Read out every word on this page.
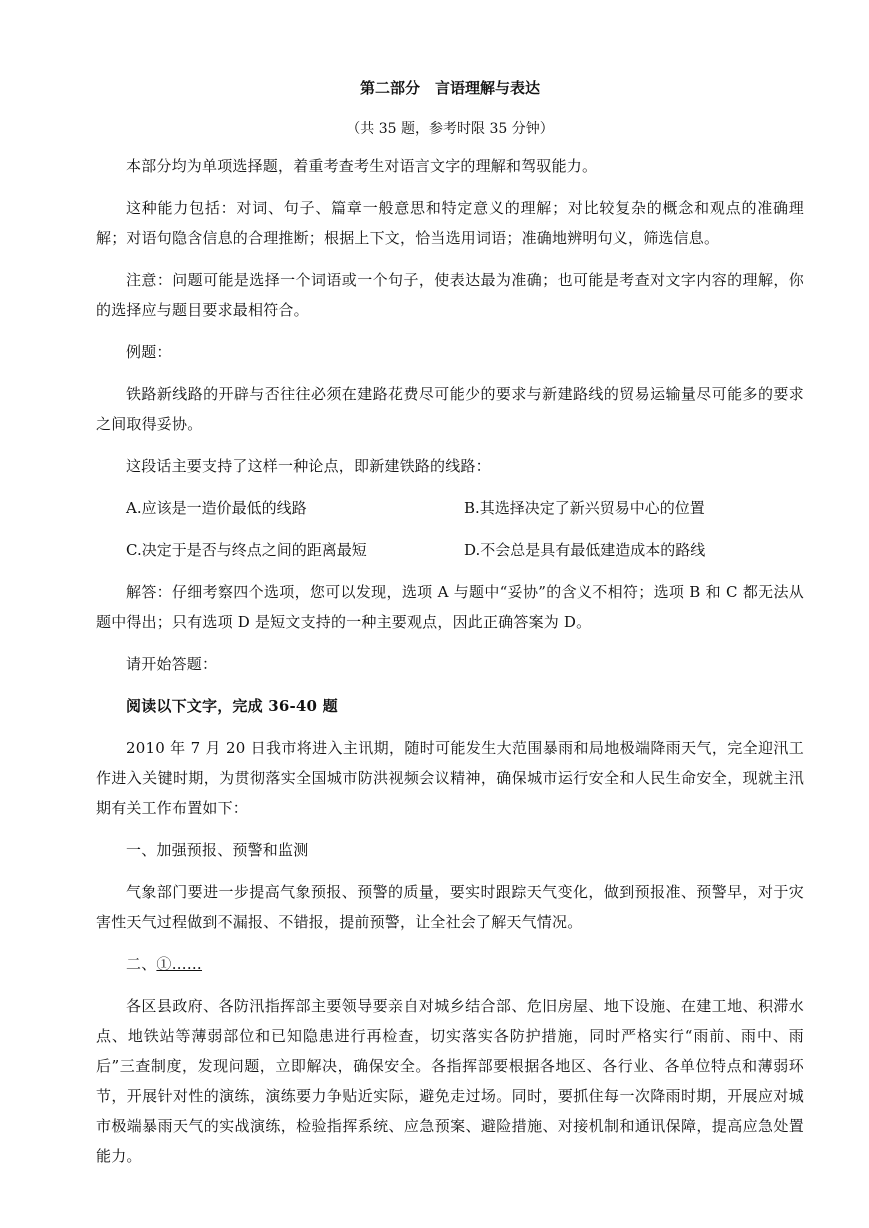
第二部分　言语理解与表达
（共 35 题，参考时限 35 分钟）

本部分均为单项选择题，着重考查考生对语言文字的理解和驾驭能力。

这种能力包括：对词、句子、篇章一般意思和特定意义的理解；对比较复杂的概念和观点的准确理解；对语句隐含信息的合理推断；根据上下文，恰当选用词语；准确地辨明句义，筛选信息。

注意：问题可能是选择一个词语或一个句子，使表达最为准确；也可能是考查对文字内容的理解，你的选择应与题目要求最相符合。

例题：

铁路新线路的开辟与否往往必须在建路花费尽可能少的要求与新建路线的贸易运输量尽可能多的要求之间取得妥协。

这段话主要支持了这样一种论点，即新建铁路的线路：

A.应该是一造价最低的线路	B.其选择决定了新兴贸易中心的位置
C.决定于是否与终点之间的距离最短	D.不会总是具有最低建造成本的路线

解答：仔细考察四个选项，您可以发现，选项 A 与题中“妥协”的含义不相符；选项 B 和 C 都无法从题中得出；只有选项 D 是短文支持的一种主要观点，因此正确答案为 D。

请开始答题：

阅读以下文字，完成 36-40 题

2010 年 7 月 20 日我市将进入主讯期，随时可能发生大范围暴雨和局地极端降雨天气，完全迎汛工作进入关键时期，为贯彻落实全国城市防洪视频会议精神，确保城市运行安全和人民生命安全，现就主汛期有关工作布置如下：

一、加强预报、预警和监测

气象部门要进一步提高气象预报、预警的质量，要实时跟踪天气变化，做到预报准、预警早，对于灾害性天气过程做到不漏报、不错报，提前预警，让全社会了解天气情况。

二、①……

各区县政府、各防汛指挥部主要领导要亲自对城乡结合部、危旧房屋、地下设施、在建工地、积滞水点、地铁站等薄弱部位和已知隐患进行再检查，切实落实各防护措施，同时严格实行“雨前、雨中、雨后”三查制度，发现问题，立即解决，确保安全。各指挥部要根据各地区、各行业、各单位特点和薄弱环节，开展针对性的演练，演练要力争贴近实际，避免走过场。同时，要抓住每一次降雨时期，开展应对城市极端暴雨天气的实战演练，检验指挥系统、应急预案、避险措施、对接机制和通讯保障，提高应急处置能力。
